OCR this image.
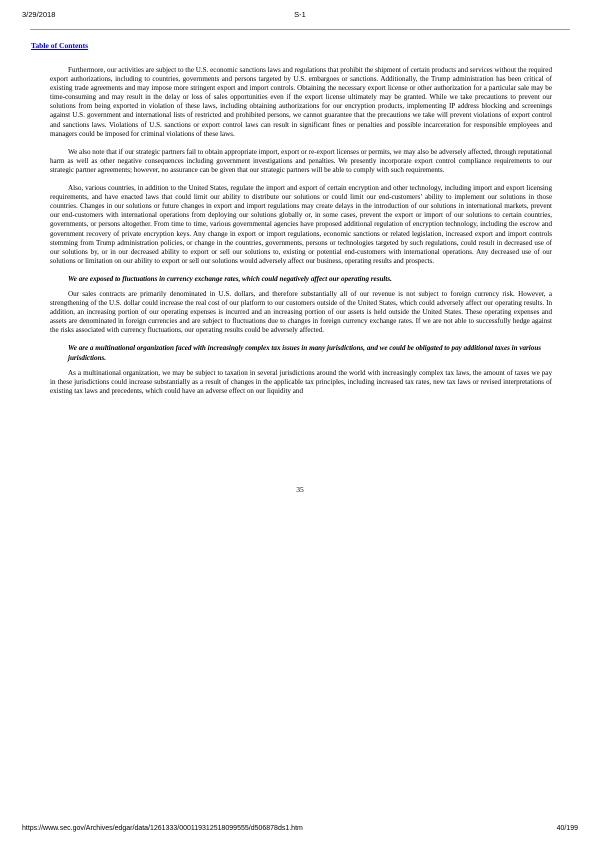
3/29/2018	S-1
Table of Contents

Furthermore, our activities are subject to the U.S. economic sanctions laws and regulations that prohibit the shipment of certain products and services without the required export authorizations, including to countries, governments and persons targeted by U.S. embargoes or sanctions. Additionally, the Trump administration has been critical of existing trade agreements and may impose more stringent export and import controls. Obtaining the necessary export license or other authorization for a particular sale may be time-consuming and may result in the delay or loss of sales opportunities even if the export license ultimately may be granted. While we take precautions to prevent our solutions from being exported in violation of these laws, including obtaining authorizations for our encryption products, implementing IP address blocking and screenings against U.S. government and international lists of restricted and prohibited persons, we cannot guarantee that the precautions we take will prevent violations of export control and sanctions laws. Violations of U.S. sanctions or export control laws can result in significant fines or penalties and possible incarceration for responsible employees and managers could be imposed for criminal violations of these laws.

We also note that if our strategic partners fail to obtain appropriate import, export or re-export licenses or permits, we may also be adversely affected, through reputational harm as well as other negative consequences including government investigations and penalties. We presently incorporate export control compliance requirements to our strategic partner agreements; however, no assurance can be given that our strategic partners will be able to comply with such requirements.

Also, various countries, in addition to the United States, regulate the import and export of certain encryption and other technology, including import and export licensing requirements, and have enacted laws that could limit our ability to distribute our solutions or could limit our end-customers’ ability to implement our solutions in those countries. Changes in our solutions or future changes in export and import regulations may create delays in the introduction of our solutions in international markets, prevent our end-customers with international operations from deploying our solutions globally or, in some cases, prevent the export or import of our solutions to certain countries, governments, or persons altogether. From time to time, various governmental agencies have proposed additional regulation of encryption technology, including the escrow and government recovery of private encryption keys. Any change in export or import regulations, economic sanctions or related legislation, increased export and import controls stemming from Trump administration policies, or change in the countries, governments, persons or technologies targeted by such regulations, could result in decreased use of our solutions by, or in our decreased ability to export or sell our solutions to, existing or potential end-customers with international operations. Any decreased use of our solutions or limitation on our ability to export or sell our solutions would adversely affect our business, operating results and prospects.

We are exposed to fluctuations in currency exchange rates, which could negatively affect our operating results.

Our sales contracts are primarily denominated in U.S. dollars, and therefore substantially all of our revenue is not subject to foreign currency risk. However, a strengthening of the U.S. dollar could increase the real cost of our platform to our customers outside of the United States, which could adversely affect our operating results. In addition, an increasing portion of our operating expenses is incurred and an increasing portion of our assets is held outside the United States. These operating expenses and assets are denominated in foreign currencies and are subject to fluctuations due to changes in foreign currency exchange rates. If we are not able to successfully hedge against the risks associated with currency fluctuations, our operating results could be adversely affected.

We are a multinational organization faced with increasingly complex tax issues in many jurisdictions, and we could be obligated to pay additional taxes in various jurisdictions.

As a multinational organization, we may be subject to taxation in several jurisdictions around the world with increasingly complex tax laws, the amount of taxes we pay in these jurisdictions could increase substantially as a result of changes in the applicable tax principles, including increased tax rates, new tax laws or revised interpretations of existing tax laws and precedents, which could have an adverse effect on our liquidity and

35
https://www.sec.gov/Archives/edgar/data/1261333/000119312518099555/d506878ds1.htm	40/199
